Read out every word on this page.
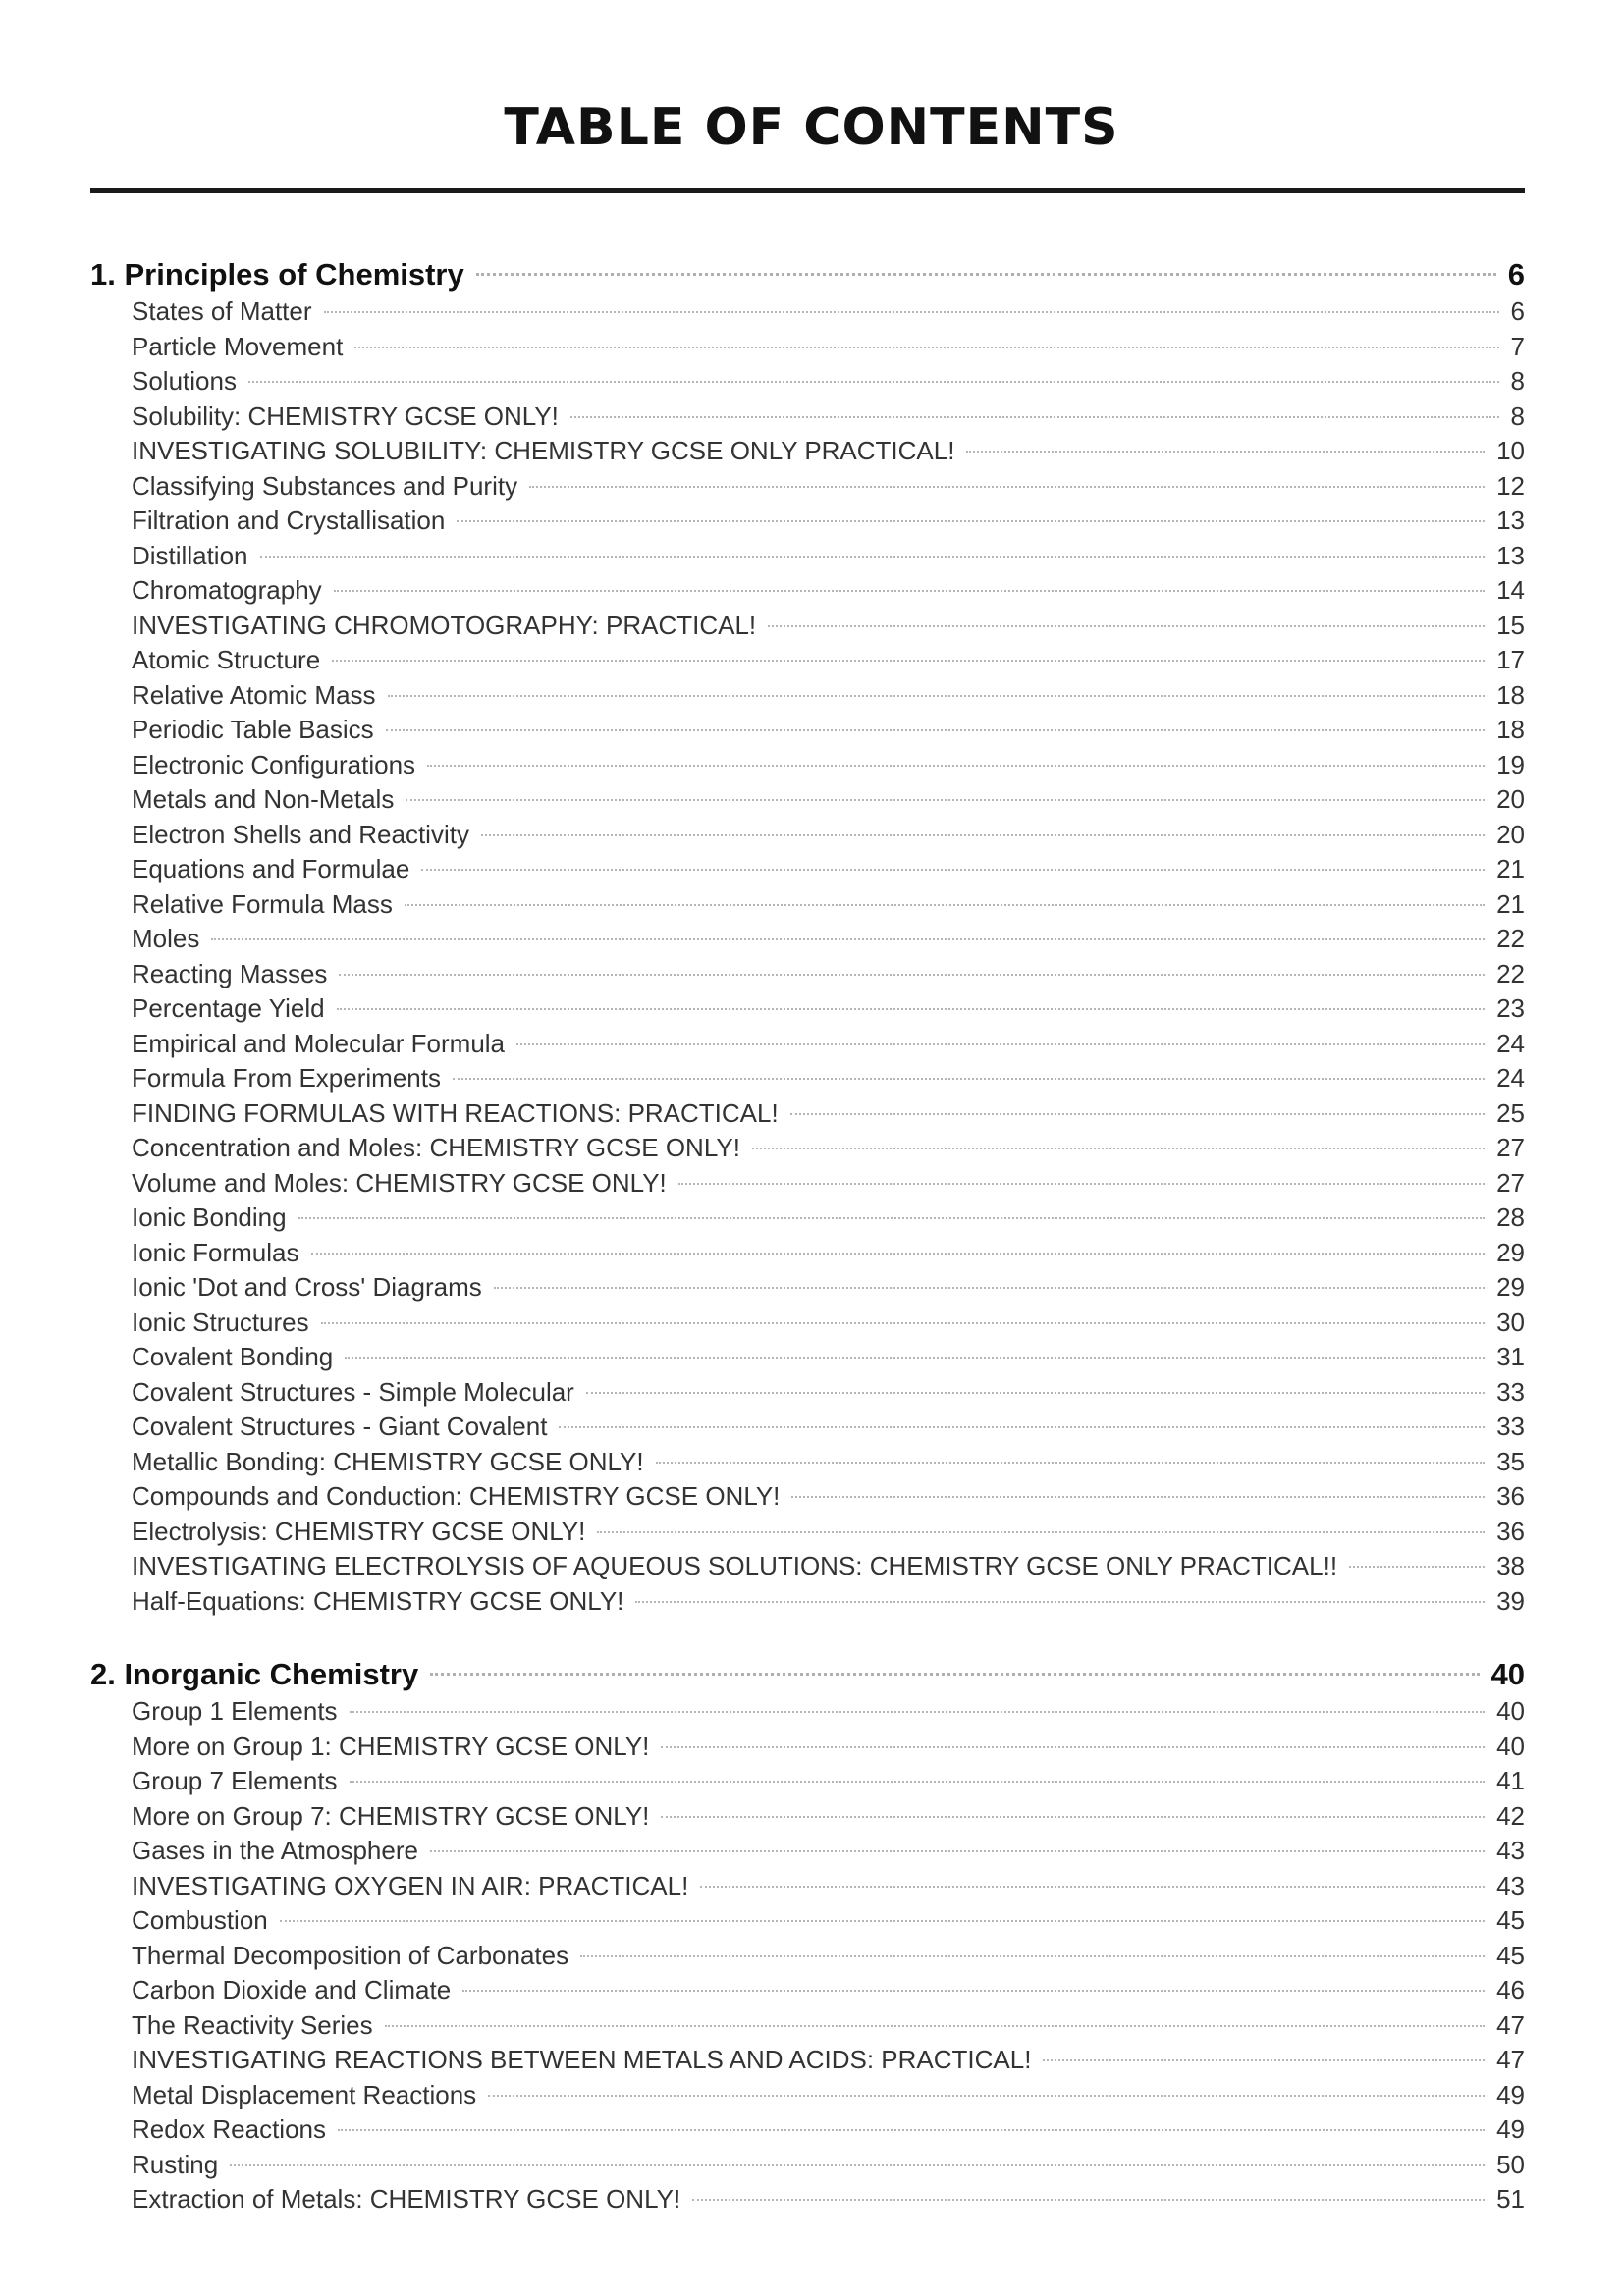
TABLE OF CONTENTS
1. Principles of Chemistry	6
States of Matter	6
Particle Movement	7
Solutions	8
Solubility: CHEMISTRY GCSE ONLY!	8
INVESTIGATING SOLUBILITY: CHEMISTRY GCSE ONLY PRACTICAL!	10
Classifying Substances and Purity	12
Filtration and Crystallisation	13
Distillation	13
Chromatography	14
INVESTIGATING CHROMOTOGRAPHY: PRACTICAL!	15
Atomic Structure	17
Relative Atomic Mass	18
Periodic Table Basics	18
Electronic Configurations	19
Metals and Non-Metals	20
Electron Shells and Reactivity	20
Equations and Formulae	21
Relative Formula Mass	21
Moles	22
Reacting Masses	22
Percentage Yield	23
Empirical and Molecular Formula	24
Formula From Experiments	24
FINDING FORMULAS WITH REACTIONS: PRACTICAL!	25
Concentration and Moles: CHEMISTRY GCSE ONLY!	27
Volume and Moles: CHEMISTRY GCSE ONLY!	27
Ionic Bonding	28
Ionic Formulas	29
Ionic 'Dot and Cross' Diagrams	29
Ionic Structures	30
Covalent Bonding	31
Covalent Structures - Simple Molecular	33
Covalent Structures - Giant Covalent	33
Metallic Bonding: CHEMISTRY GCSE ONLY!	35
Compounds and Conduction: CHEMISTRY GCSE ONLY!	36
Electrolysis: CHEMISTRY GCSE ONLY!	36
INVESTIGATING ELECTROLYSIS OF AQUEOUS SOLUTIONS: CHEMISTRY GCSE ONLY PRACTICAL!!	38
Half-Equations: CHEMISTRY GCSE ONLY!	39
2. Inorganic Chemistry	40
Group 1 Elements	40
More on Group 1: CHEMISTRY GCSE ONLY!	40
Group 7 Elements	41
More on Group 7: CHEMISTRY GCSE ONLY!	42
Gases in the Atmosphere	43
INVESTIGATING OXYGEN IN AIR: PRACTICAL!	43
Combustion	45
Thermal Decomposition of Carbonates	45
Carbon Dioxide and Climate	46
The Reactivity Series	47
INVESTIGATING REACTIONS BETWEEN METALS AND ACIDS: PRACTICAL!	47
Metal Displacement Reactions	49
Redox Reactions	49
Rusting	50
Extraction of Metals: CHEMISTRY GCSE ONLY!	51
